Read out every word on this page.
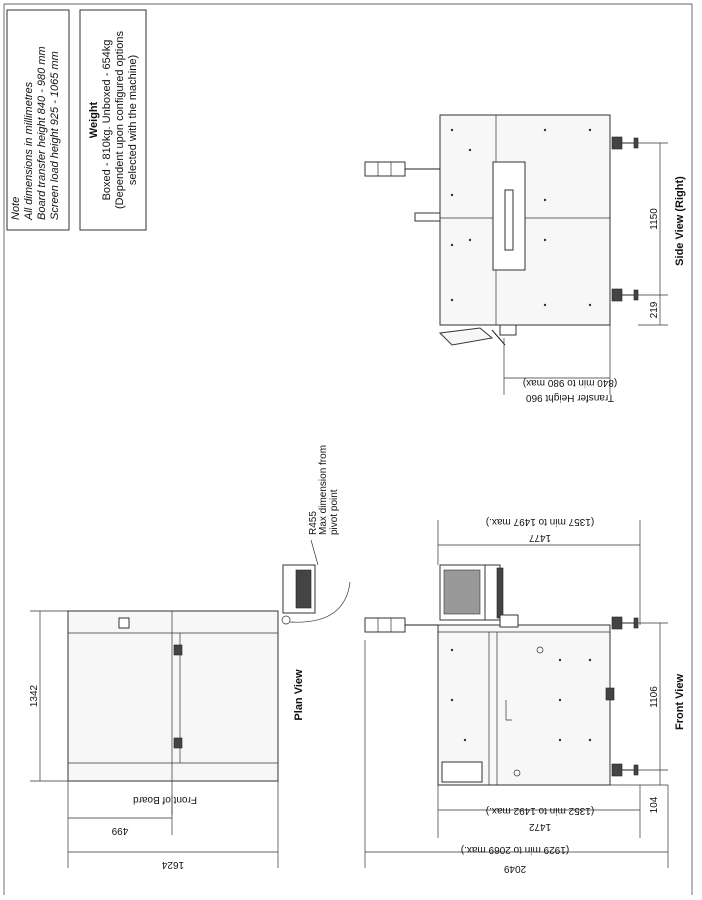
Note All dimensions in millimetres Board transfer height 840 - 980 mm Screen load height 925 - 1065 mm Weight Boxed - 810kg. Unboxed - 654kg (Dependent upon configured options selected with the machine)
1150
219
Side View (Right)
(840 min to 980 max)
Transfer Height 960
R455 Max dimension from pivot point
Plan View
1342
1624
499
Front of Board
1106
104
Front View
1477
(1357 min to 1497 max.)
(1352 min to 1492 max.)
1472
(1929 min to 2069 max.)
2049
